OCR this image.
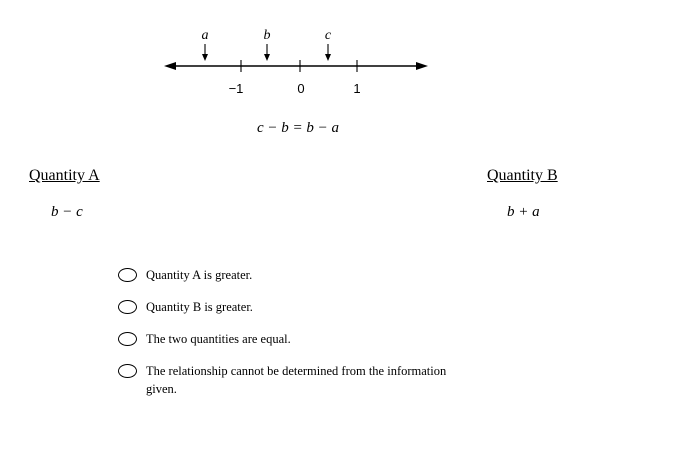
−1	0	1
a	b	c
c − b = b − a
Quantity A	Quantity B
b − c	b + a
Quantity A is greater.
Quantity B is greater.
The two quantities are equal.
The relationship cannot be determined from the information given.
